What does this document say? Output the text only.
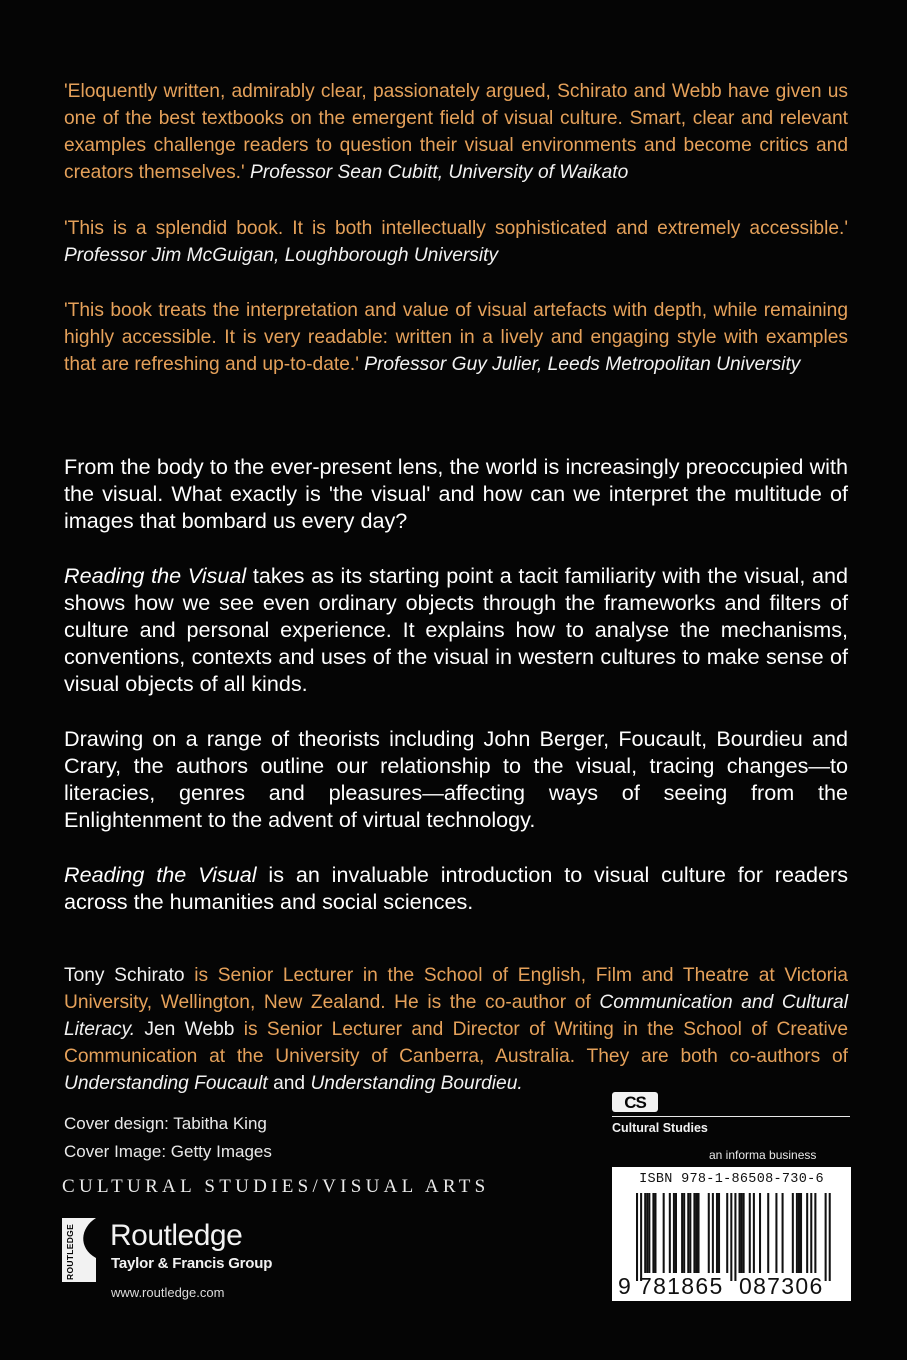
'Eloquently written, admirably clear, passionately argued, Schirato and Webb have given us one of the best textbooks on the emergent field of visual culture. Smart, clear and relevant examples challenge readers to question their visual environments and become critics and creators themselves.' Professor Sean Cubitt, University of Waikato

'This is a splendid book. It is both intellectually sophisticated and extremely accessible.' Professor Jim McGuigan, Loughborough University

'This book treats the interpretation and value of visual artefacts with depth, while remaining highly accessible. It is very readable: written in a lively and engaging style with examples that are refreshing and up-to-date.' Professor Guy Julier, Leeds Metropolitan University

From the body to the ever-present lens, the world is increasingly preoccupied with the visual. What exactly is 'the visual' and how can we interpret the multitude of images that bombard us every day?

Reading the Visual takes as its starting point a tacit familiarity with the visual, and shows how we see even ordinary objects through the frameworks and filters of culture and personal experience. It explains how to analyse the mechanisms, conventions, contexts and uses of the visual in western cultures to make sense of visual objects of all kinds.

Drawing on a range of theorists including John Berger, Foucault, Bourdieu and Crary, the authors outline our relationship to the visual, tracing changes—to literacies, genres and pleasures—affecting ways of seeing from the Enlightenment to the advent of virtual technology.

Reading the Visual is an invaluable introduction to visual culture for readers across the humanities and social sciences.

Tony Schirato is Senior Lecturer in the School of English, Film and Theatre at Victoria University, Wellington, New Zealand. He is the co-author of Communication and Cultural Literacy. Jen Webb is Senior Lecturer and Director of Writing in the School of Creative Communication at the University of Canberra, Australia. They are both co-authors of Understanding Foucault and Understanding Bourdieu.

Cover design: Tabitha King
Cover Image: Getty Images
CULTURAL STUDIES/VISUAL ARTS
ROUTLEDGE Routledge
Taylor & Francis Group
www.routledge.com
CS
Cultural Studies
an informa business
ISBN 978-1-86508-730-6
9 781865 087306
